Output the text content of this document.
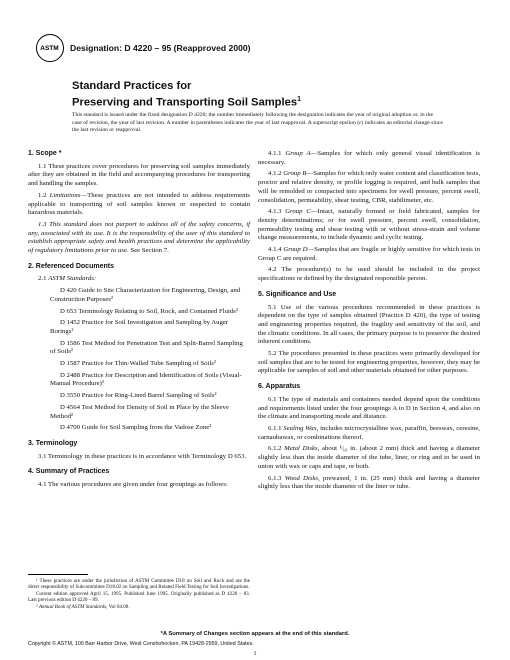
ASTM Designation: D 4220 – 95 (Reapproved 2000)
Standard Practices for
Preserving and Transporting Soil Samples$^1$
This standard is issued under the fixed designation D 4220; the number immediately following the designation indicates the year of original adoption or, in the case of revision, the year of last revision. A number in parentheses indicates the year of last reapproval. A superscript epsilon (ε) indicates an editorial change since the last revision or reapproval.

1. Scope *

1.1 These practices cover procedures for preserving soil samples immediately after they are obtained in the field and accompanying procedures for transporting and handling the samples.

1.2 Limitations—These practices are not intended to address requirements applicable to transporting of soil samples known or suspected to contain hazardous materials.

1.3 This standard does not purport to address all of the safety concerns, if any, associated with its use. It is the responsibility of the user of this standard to establish appropriate safety and health practices and determine the applicability of regulatory limitations prior to use. See Section 7.

2. Referenced Documents

2.1 ASTM Standards:

D 420 Guide to Site Characterization for Engineering, Design, and Construction Purposes²

D 653 Terminology Relating to Soil, Rock, and Contained Fluids²

D 1452 Practice for Soil Investigation and Sampling by Auger Borings²

D 1586 Test Method for Penetration Test and Split-Barrel Sampling of Soils²

D 1587 Practice for Thin-Walled Tube Sampling of Soils²

D 2488 Practice for Description and Identification of Soils (Visual-Manual Procedure)²

D 3550 Practice for Ring-Lined Barrel Sampling of Soils²

D 4564 Test Method for Density of Soil in Place by the Sleeve Method²

D 4700 Guide for Soil Sampling from the Vadose Zone²

3. Terminology

3.1 Terminology in these practices is in accordance with Terminology D 653.

4. Summary of Practices

4.1 The various procedures are given under four groupings as follows:

4.1.1 Group A—Samples for which only general visual identification is necessary.

4.1.2 Group B—Samples for which only water content and classification tests, proctor and relative density, or profile logging is required, and bulk samples that will be remolded or compacted into specimens for swell pressure, percent swell, consolidation, permeability, shear testing, CBR, stabilimeter, etc.

4.1.3 Group C—Intact, naturally formed or field fabricated, samples for density determinations; or for swell pressure, percent swell, consolidation, permeability testing and shear testing with or without stress-strain and volume change measurements, to include dynamic and cyclic testing.

4.1.4 Group D—Samples that are fragile or highly sensitive for which tests in Group C are required.

4.2 The procedure(s) to be used should be included in the project specifications or defined by the designated responsible person.

5. Significance and Use

5.1 Use of the various procedures recommended in these practices is dependent on the type of samples obtained (Practice D 420), the type of testing and engineering properties required, the fragility and sensitivity of the soil, and the climatic conditions. In all cases, the primary purpose is to preserve the desired inherent conditions.

5.2 The procedures presented in these practices were primarily developed for soil samples that are to be tested for engineering properties, however, they may be applicable for samples of soil and other materials obtained for other purposes.

6. Apparatus

6.1 The type of materials and containers needed depend upon the conditions and requirements listed under the four groupings A to D in Section 4, and also on the climate and transporting mode and distance.

6.1.1 Sealing Wax, includes microcrystalline wax, paraffin, beeswax, ceresine, carnaubawax, or combinations thereof.

6.1.2 Metal Disks, about ¹⁄₁₆ in. (about 2 mm) thick and having a diameter slightly less than the inside diameter of the tube, liner, or ring and to be used in union with wax or caps and tape, or both.

6.1.3 Wood Disks, prewaxed, 1 in. (25 mm) thick and having a diameter slightly less than the inside diameter of the liner or tube.

¹ These practices are under the jurisdiction of ASTM Committee D18 on Soil and Rock and are the direct responsibility of Subcommittee D18.02 on Sampling and Related Field Testing for Soil Investigations.

Current edition approved April 15, 1995. Published June 1995. Originally published as D 4220 – 83. Last previous edition D 4220 – 89.

² Annual Book of ASTM Standards, Vol 04.08.

*A Summary of Changes section appears at the end of this standard.
Copyright © ASTM, 100 Barr Harbor Drive, West Conshohocken, PA 19428-2959, United States.
1
